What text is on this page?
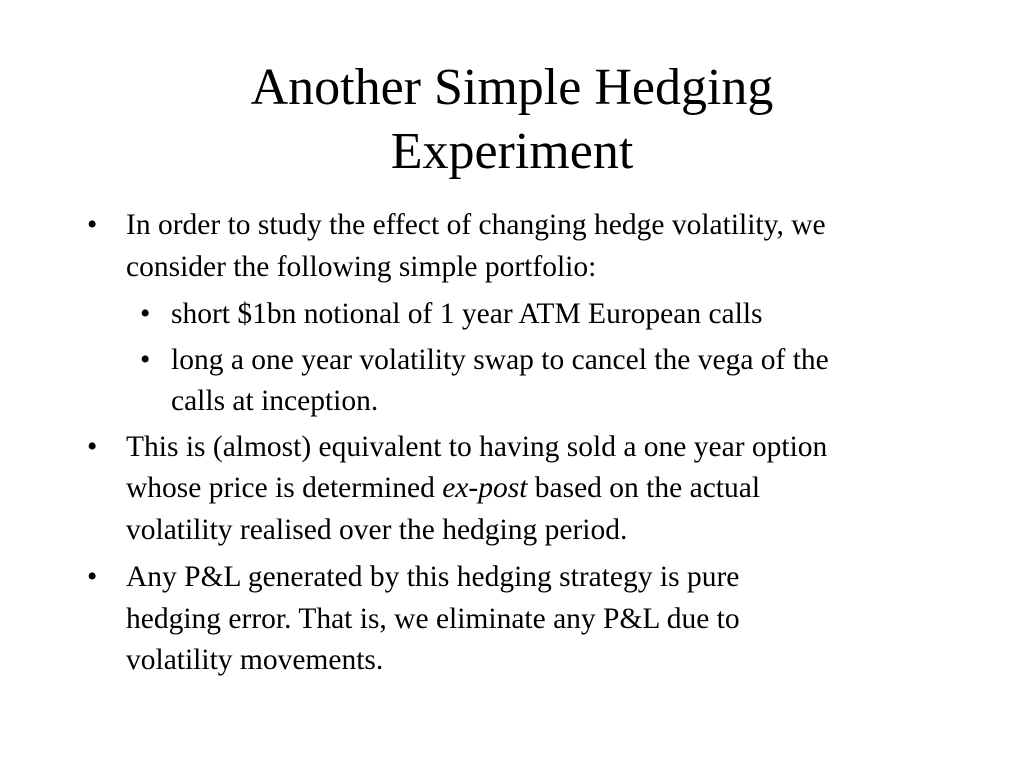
Another Simple Hedging
Experiment
• In order to study the effect of changing hedge volatility, we
consider the following simple portfolio:
• short $1bn notional of 1 year ATM European calls
• long a one year volatility swap to cancel the vega of the
calls at inception.
• This is (almost) equivalent to having sold a one year option
whose price is determined ex-post based on the actual
volatility realised over the hedging period.
• Any P&L generated by this hedging strategy is pure
hedging error. That is, we eliminate any P&L due to
volatility movements.
